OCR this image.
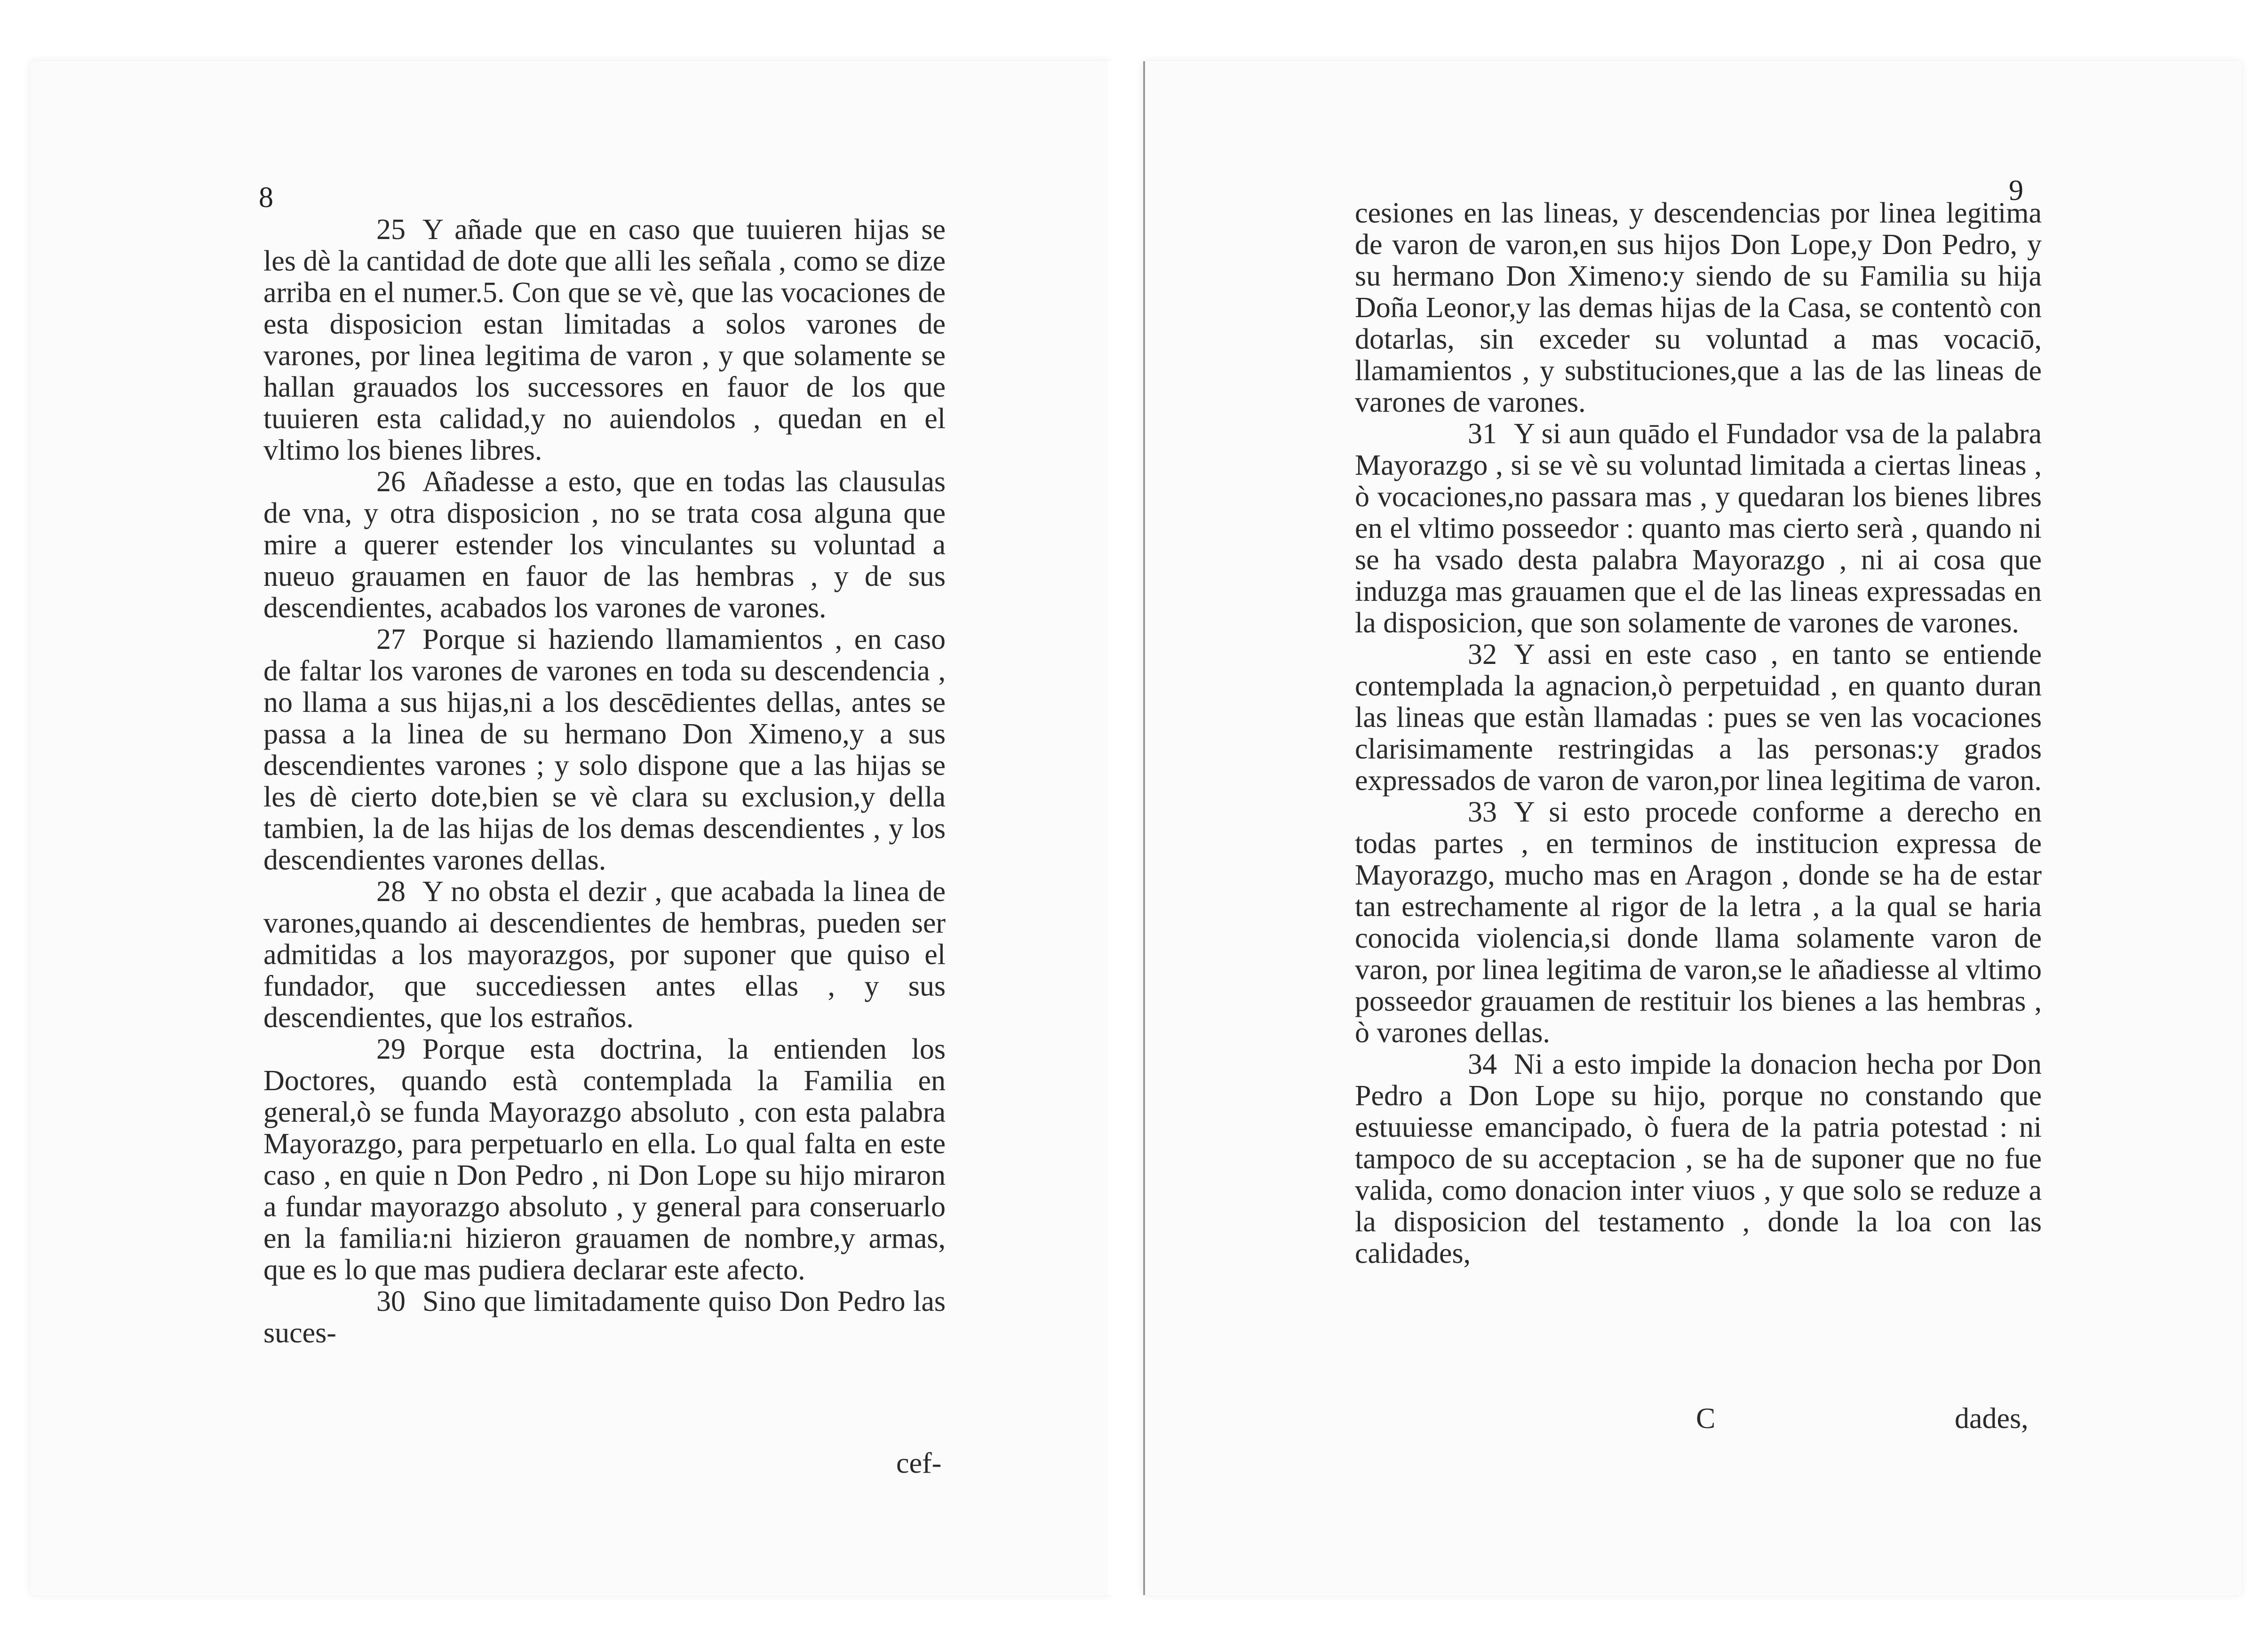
8

25 Y añade que en caso que tuuieren hijas se les dè la cantidad de dote que alli les señala , como se dize arriba en el numer.5. Con que se vè, que las vocaciones de esta disposicion estan limitadas a solos varones de varones, por linea legitima de varon , y que solamente se hallan grauados los successores en fauor de los que tuuieren esta calidad,y no auiendolos , quedan en el vltimo los bienes libres.

26 Añadesse a esto, que en todas las clausulas de vna, y otra disposicion , no se trata cosa alguna que mire a querer estender los vinculantes su voluntad a nueuo grauamen en fauor de las hembras , y de sus descendientes, acabados los varones de varones.

27 Porque si haziendo llamamientos , en caso de faltar los varones de varones en toda su descendencia , no llama a sus hijas,ni a los descēdientes dellas, antes se passa a la linea de su hermano Don Ximeno,y a sus descendientes varones ; y solo dispone que a las hijas se les dè cierto dote,bien se vè clara su exclusion,y della tambien, la de las hijas de los demas descendientes , y los descendientes varones dellas.

28 Y no obsta el dezir , que acabada la linea de varones,quando ai descendientes de hembras, pueden ser admitidas a los mayorazgos, por suponer que quiso el fundador, que succediessen antes ellas , y sus descendientes, que los estraños.

29 Porque esta doctrina, la entienden los Doctores, quando està contemplada la Familia en general,ò se funda Mayorazgo absoluto , con esta palabra Mayorazgo, para perpetuarlo en ella. Lo qual falta en este caso , en quie n Don Pedro , ni Don Lope su hijo miraron a fundar mayorazgo absoluto , y general para conseruarlo en la familia:ni hizieron grauamen de nombre,y armas, que es lo que mas pudiera declarar este afecto.

30 Sino que limitadamente quiso Don Pedro las suces-

cef-
9

cesiones en las lineas, y descendencias por linea legitima de varon de varon,en sus hijos Don Lope,y Don Pedro, y su hermano Don Ximeno:y siendo de su Familia su hija Doña Leonor,y las demas hijas de la Casa, se contentò con dotarlas, sin exceder su voluntad a mas vocaciō, llamamientos , y substituciones,que a las de las lineas de varones de varones.

31 Y si aun quādo el Fundador vsa de la palabra Mayorazgo , si se vè su voluntad limitada a ciertas lineas , ò vocaciones,no passara mas , y quedaran los bienes libres en el vltimo posseedor : quanto mas cierto serà , quando ni se ha vsado desta palabra Mayorazgo , ni ai cosa que induzga mas grauamen que el de las lineas expressadas en la disposicion, que son solamente de varones de varones.

32 Y assi en este caso , en tanto se entiende contemplada la agnacion,ò perpetuidad , en quanto duran las lineas que estàn llamadas : pues se ven las vocaciones clarisimamente restringidas a las personas:y grados expressados de varon de varon,por linea legitima de varon.

33 Y si esto procede conforme a derecho en todas partes , en terminos de institucion expressa de Mayorazgo, mucho mas en Aragon , donde se ha de estar tan estrechamente al rigor de la letra , a la qual se haria conocida violencia,si donde llama solamente varon de varon, por linea legitima de varon,se le añadiesse al vltimo posseedor grauamen de restituir los bienes a las hembras , ò varones dellas.

34 Ni a esto impide la donacion hecha por Don Pedro a Don Lope su hijo, porque no constando que estuuiesse emancipado, ò fuera de la patria potestad : ni tampoco de su acceptacion , se ha de suponer que no fue valida, como donacion inter viuos , y que solo se reduze a la disposicion del testamento , donde la loa con las calidades,

C	dades,
